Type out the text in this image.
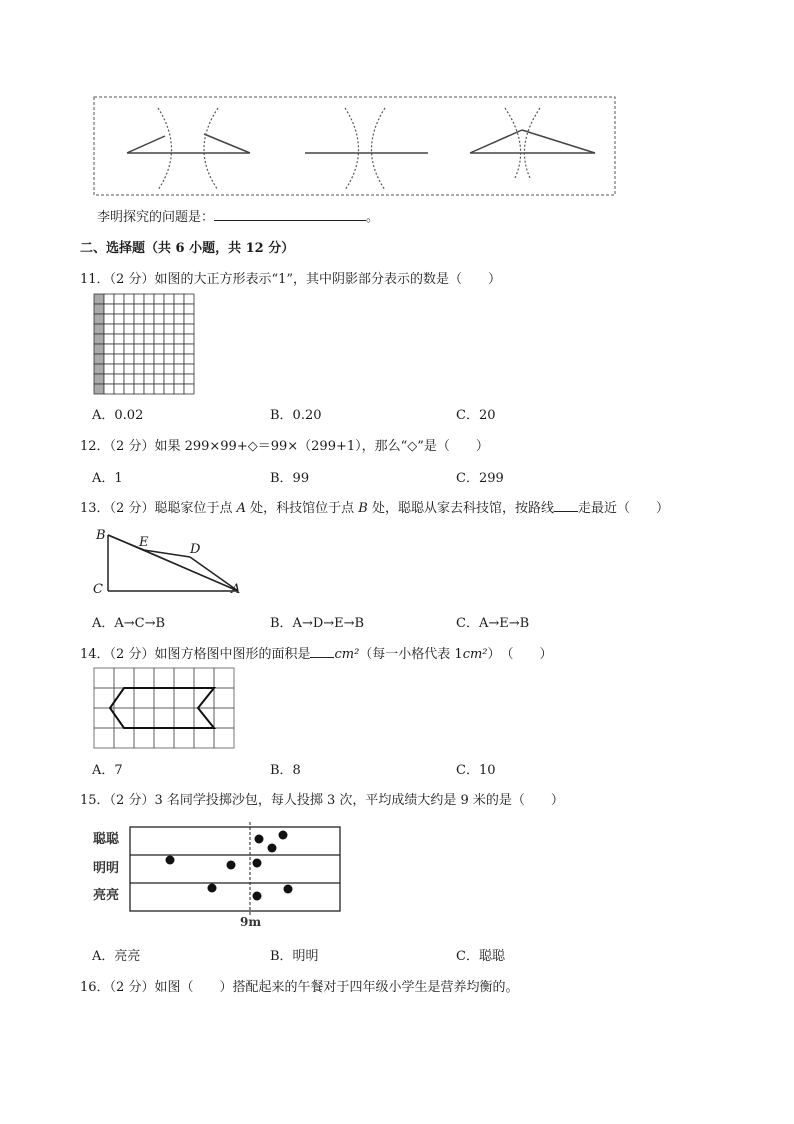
李明探究的问题是：	。
二、选择题（共 6 小题，共 12 分）
11．（2 分）如图的大正方形表示“1”，其中阴影部分表示的数是（　　）
A．0.02	B．0.20	C．20
12．（2 分）如果 299×99+◇＝99×（299+1），那么“◇”是（　　）
A．1	B．99	C．299
13．（2 分）聪聪家位于点 A 处，科技馆位于点 B 处，聪聪从家去科技馆，按路线 走最近（　　）
B	E	D
C	A
A．A→C→B	B．A→D→E→B	C．A→E→B
14．（2 分）如图方格图中图形的面积是 cm²（每一小格代表 1cm²）　（　　）
A．7	B．8	C．10
15．（2 分）3 名同学投掷沙包，每人投掷 3 次，平均成绩大约是 9 米的是（　　）
聪聪
明明
亮亮
9m
A．亮亮	B．明明	C．聪聪
16．（2 分）如图（　　）搭配起来的午餐对于四年级小学生是营养均衡的。
